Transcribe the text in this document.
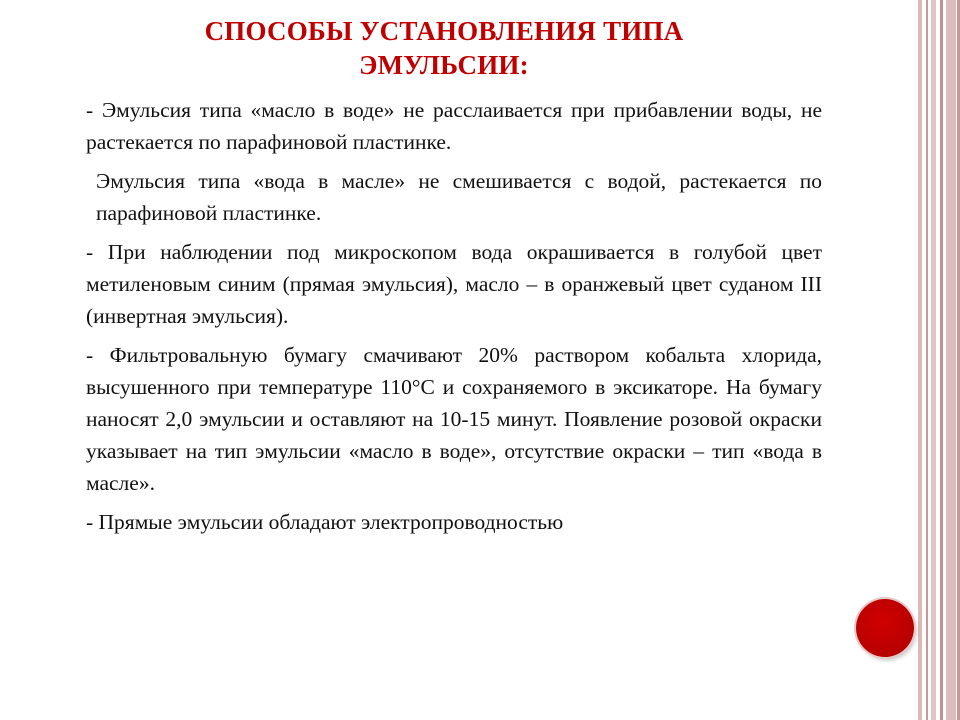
СПОСОБЫ УСТАНОВЛЕНИЯ ТИПА
ЭМУЛЬСИИ:

- Эмульсия типа «масло в воде» не расслаивается при прибавлении воды, не растекается по парафиновой пластинке.

Эмульсия типа «вода в масле» не смешивается с водой, растекается по парафиновой пластинке.

- При наблюдении под микроскопом вода окрашивается в голубой цвет метиленовым синим (прямая эмульсия), масло – в оранжевый цвет суданом III (инвертная эмульсия).

- Фильтровальную бумагу смачивают 20% раствором кобальта хлорида, высушенного при температуре 110°С и сохраняемого в эксикаторе. На бумагу наносят 2,0 эмульсии и оставляют на 10-15 минут. Появление розовой окраски указывает на тип эмульсии «масло в воде», отсутствие окраски – тип «вода в масле».

- Прямые эмульсии обладают электропроводностью
